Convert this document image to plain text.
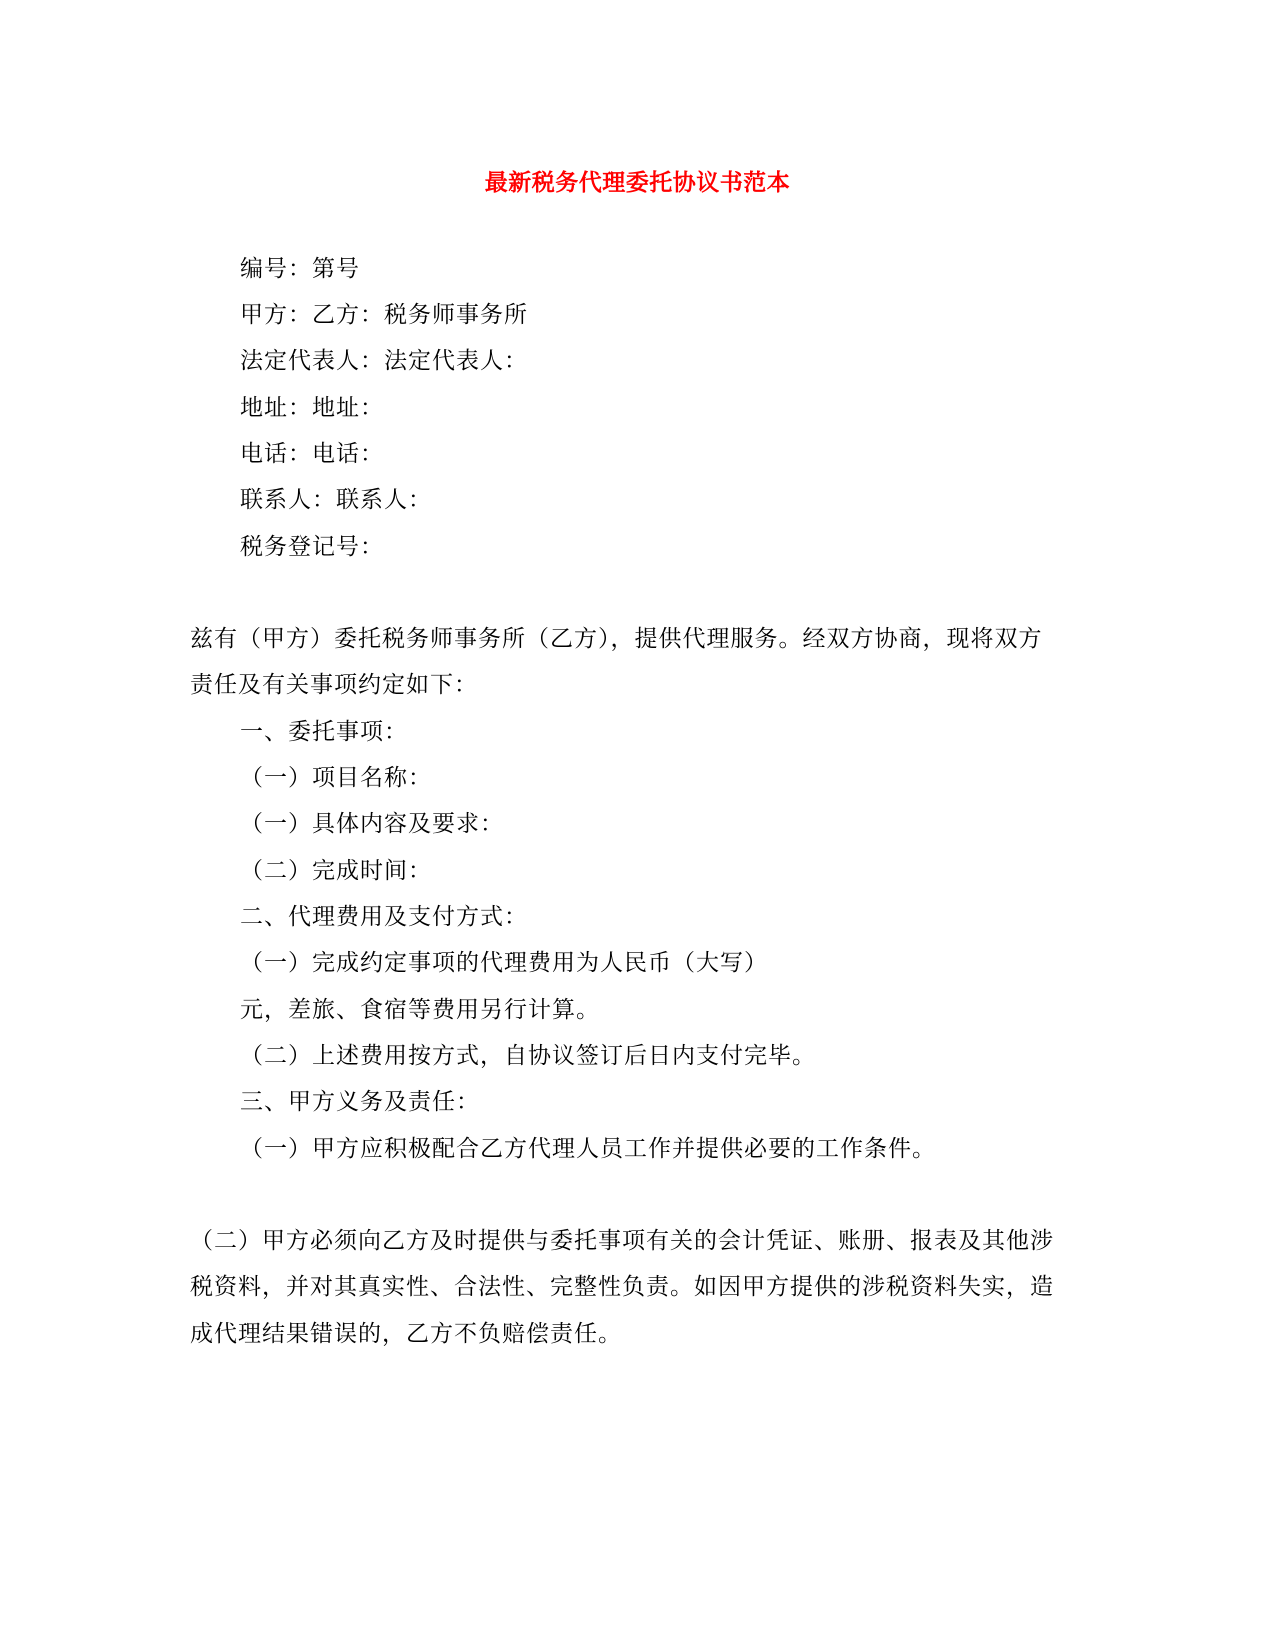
最新税务代理委托协议书范本
编号：第号
甲方：乙方：税务师事务所
法定代表人：法定代表人：
地址：地址：
电话：电话：
联系人：联系人：
税务登记号：
兹有（甲方）委托税务师事务所（乙方），提供代理服务。经双方协商，现将双方
责任及有关事项约定如下：
一、委托事项：
（一）项目名称：
（一）具体内容及要求：
（二）完成时间：
二、代理费用及支付方式：
（一）完成约定事项的代理费用为人民币（大写）
元，差旅、食宿等费用另行计算。
（二）上述费用按方式，自协议签订后日内支付完毕。
三、甲方义务及责任：
（一）甲方应积极配合乙方代理人员工作并提供必要的工作条件。
（二）甲方必须向乙方及时提供与委托事项有关的会计凭证、账册、报表及其他涉
税资料，并对其真实性、合法性、完整性负责。如因甲方提供的涉税资料失实，造
成代理结果错误的，乙方不负赔偿责任。
